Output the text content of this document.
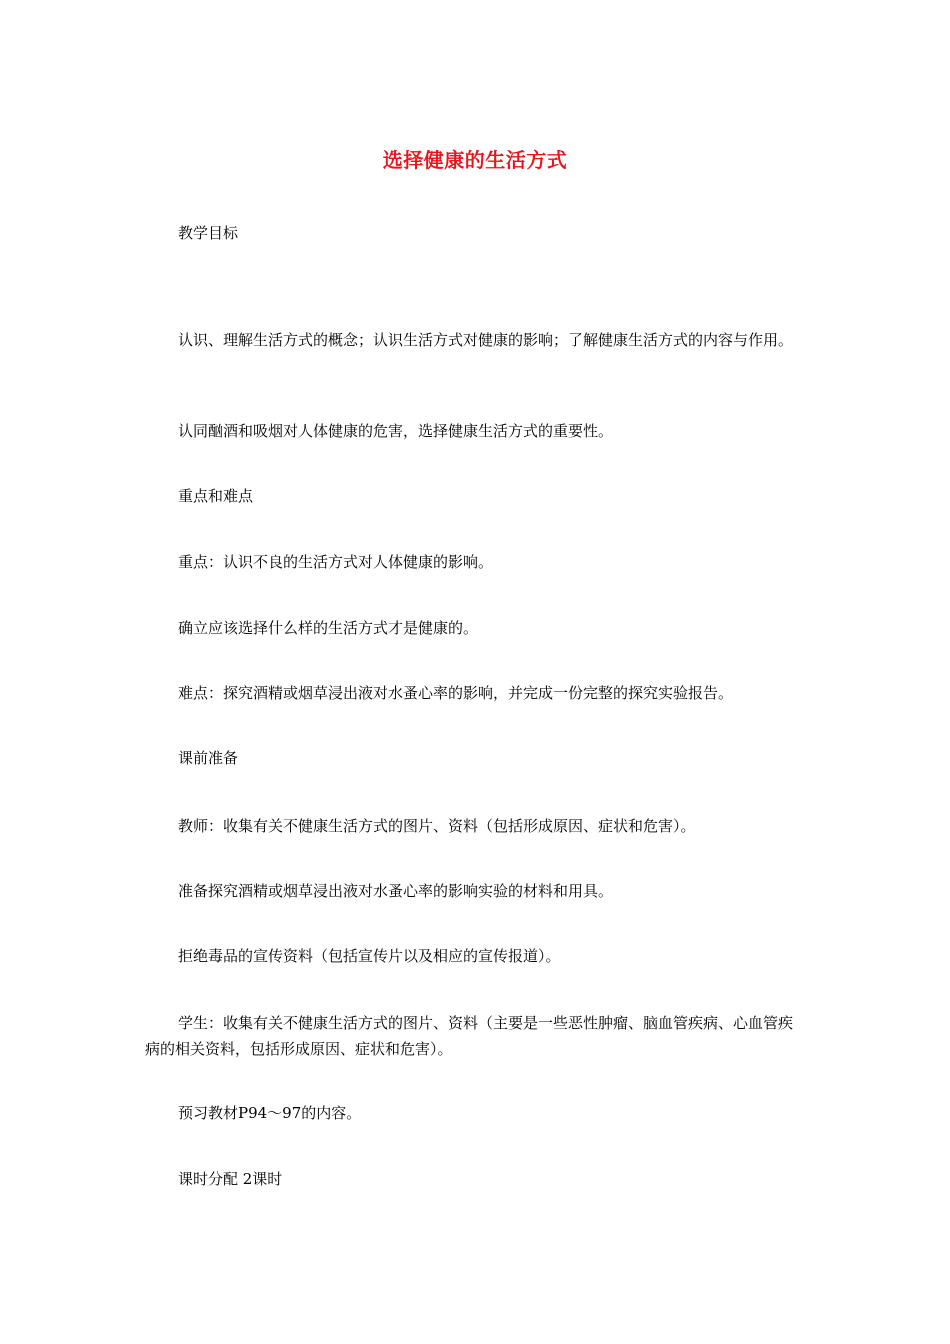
选择健康的生活方式

教学目标

认识、理解生活方式的概念；认识生活方式对健康的影响；了解健康生活方式的内容与作用。

认同酗酒和吸烟对人体健康的危害，选择健康生活方式的重要性。

重点和难点

重点：认识不良的生活方式对人体健康的影响。

确立应该选择什么样的生活方式才是健康的。

难点：探究酒精或烟草浸出液对水蚤心率的影响，并完成一份完整的探究实验报告。

课前准备

教师：收集有关不健康生活方式的图片、资料（包括形成原因、症状和危害）。

准备探究酒精或烟草浸出液对水蚤心率的影响实验的材料和用具。

拒绝毒品的宣传资料（包括宣传片以及相应的宣传报道）。

学生：收集有关不健康生活方式的图片、资料（主要是一些恶性肿瘤、脑血管疾病、心血管疾病的相关资料，包括形成原因、症状和危害）。

预习教材P94～97的内容。

课时分配 2课时
